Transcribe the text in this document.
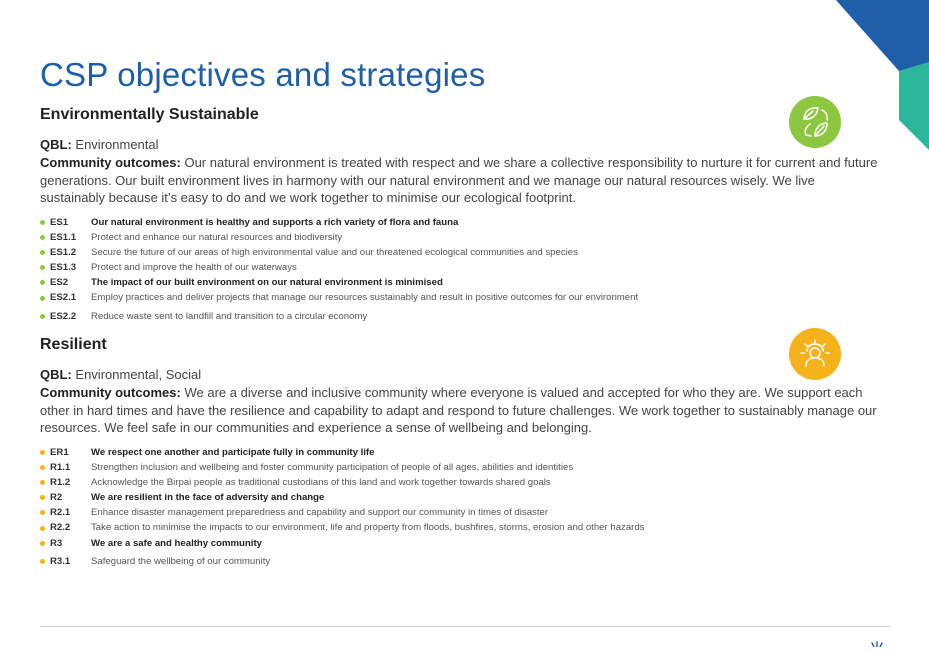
CSP objectives and strategies
Environmentally Sustainable

QBL: Environmental

Community outcomes: Our natural environment is treated with respect and we share a collective responsibility to nurture it for current and future generations. Our built environment lives in harmony with our natural environment and we manage our natural resources wisely. We live sustainably because it’s easy to do and we work together to minimise our ecological footprint.

ES1	Our natural environment is healthy and supports a rich variety of flora and fauna
ES1.1	Protect and enhance our natural resources and biodiversity
ES1.2	Secure the future of our areas of high environmental value and our threatened ecological communities and species
ES1.3	Protect and improve the health of our waterways
ES2	The impact of our built environment on our natural environment is minimised
ES2.1	Employ practices and deliver projects that manage our resources sustainably and result in positive outcomes for our environment
ES2.2	Reduce waste sent to landfill and transition to a circular economy
Resilient

QBL: Environmental, Social

Community outcomes: We are a diverse and inclusive community where everyone is valued and accepted for who they are. We support each other in hard times and have the resilience and capability to adapt and respond to future challenges. We work together to sustainably manage our resources. We feel safe in our communities and experience a sense of wellbeing and belonging.

ER1	We respect one another and participate fully in community life
R1.1	Strengthen inclusion and wellbeing and foster community participation of people of all ages, abilities and identities
R1.2	Acknowledge the Birpai people as traditional custodians of this land and work together towards shared goals
R2	We are resilient in the face of adversity and change
R2.1	Enhance disaster management preparedness and capability and support our community in times of disaster
R2.2	Take action to minimise the impacts to our environment, life and property from floods, bushfires, storms, erosion and other hazards
R3	We are a safe and healthy community
R3.1	Safeguard the wellbeing of our community
